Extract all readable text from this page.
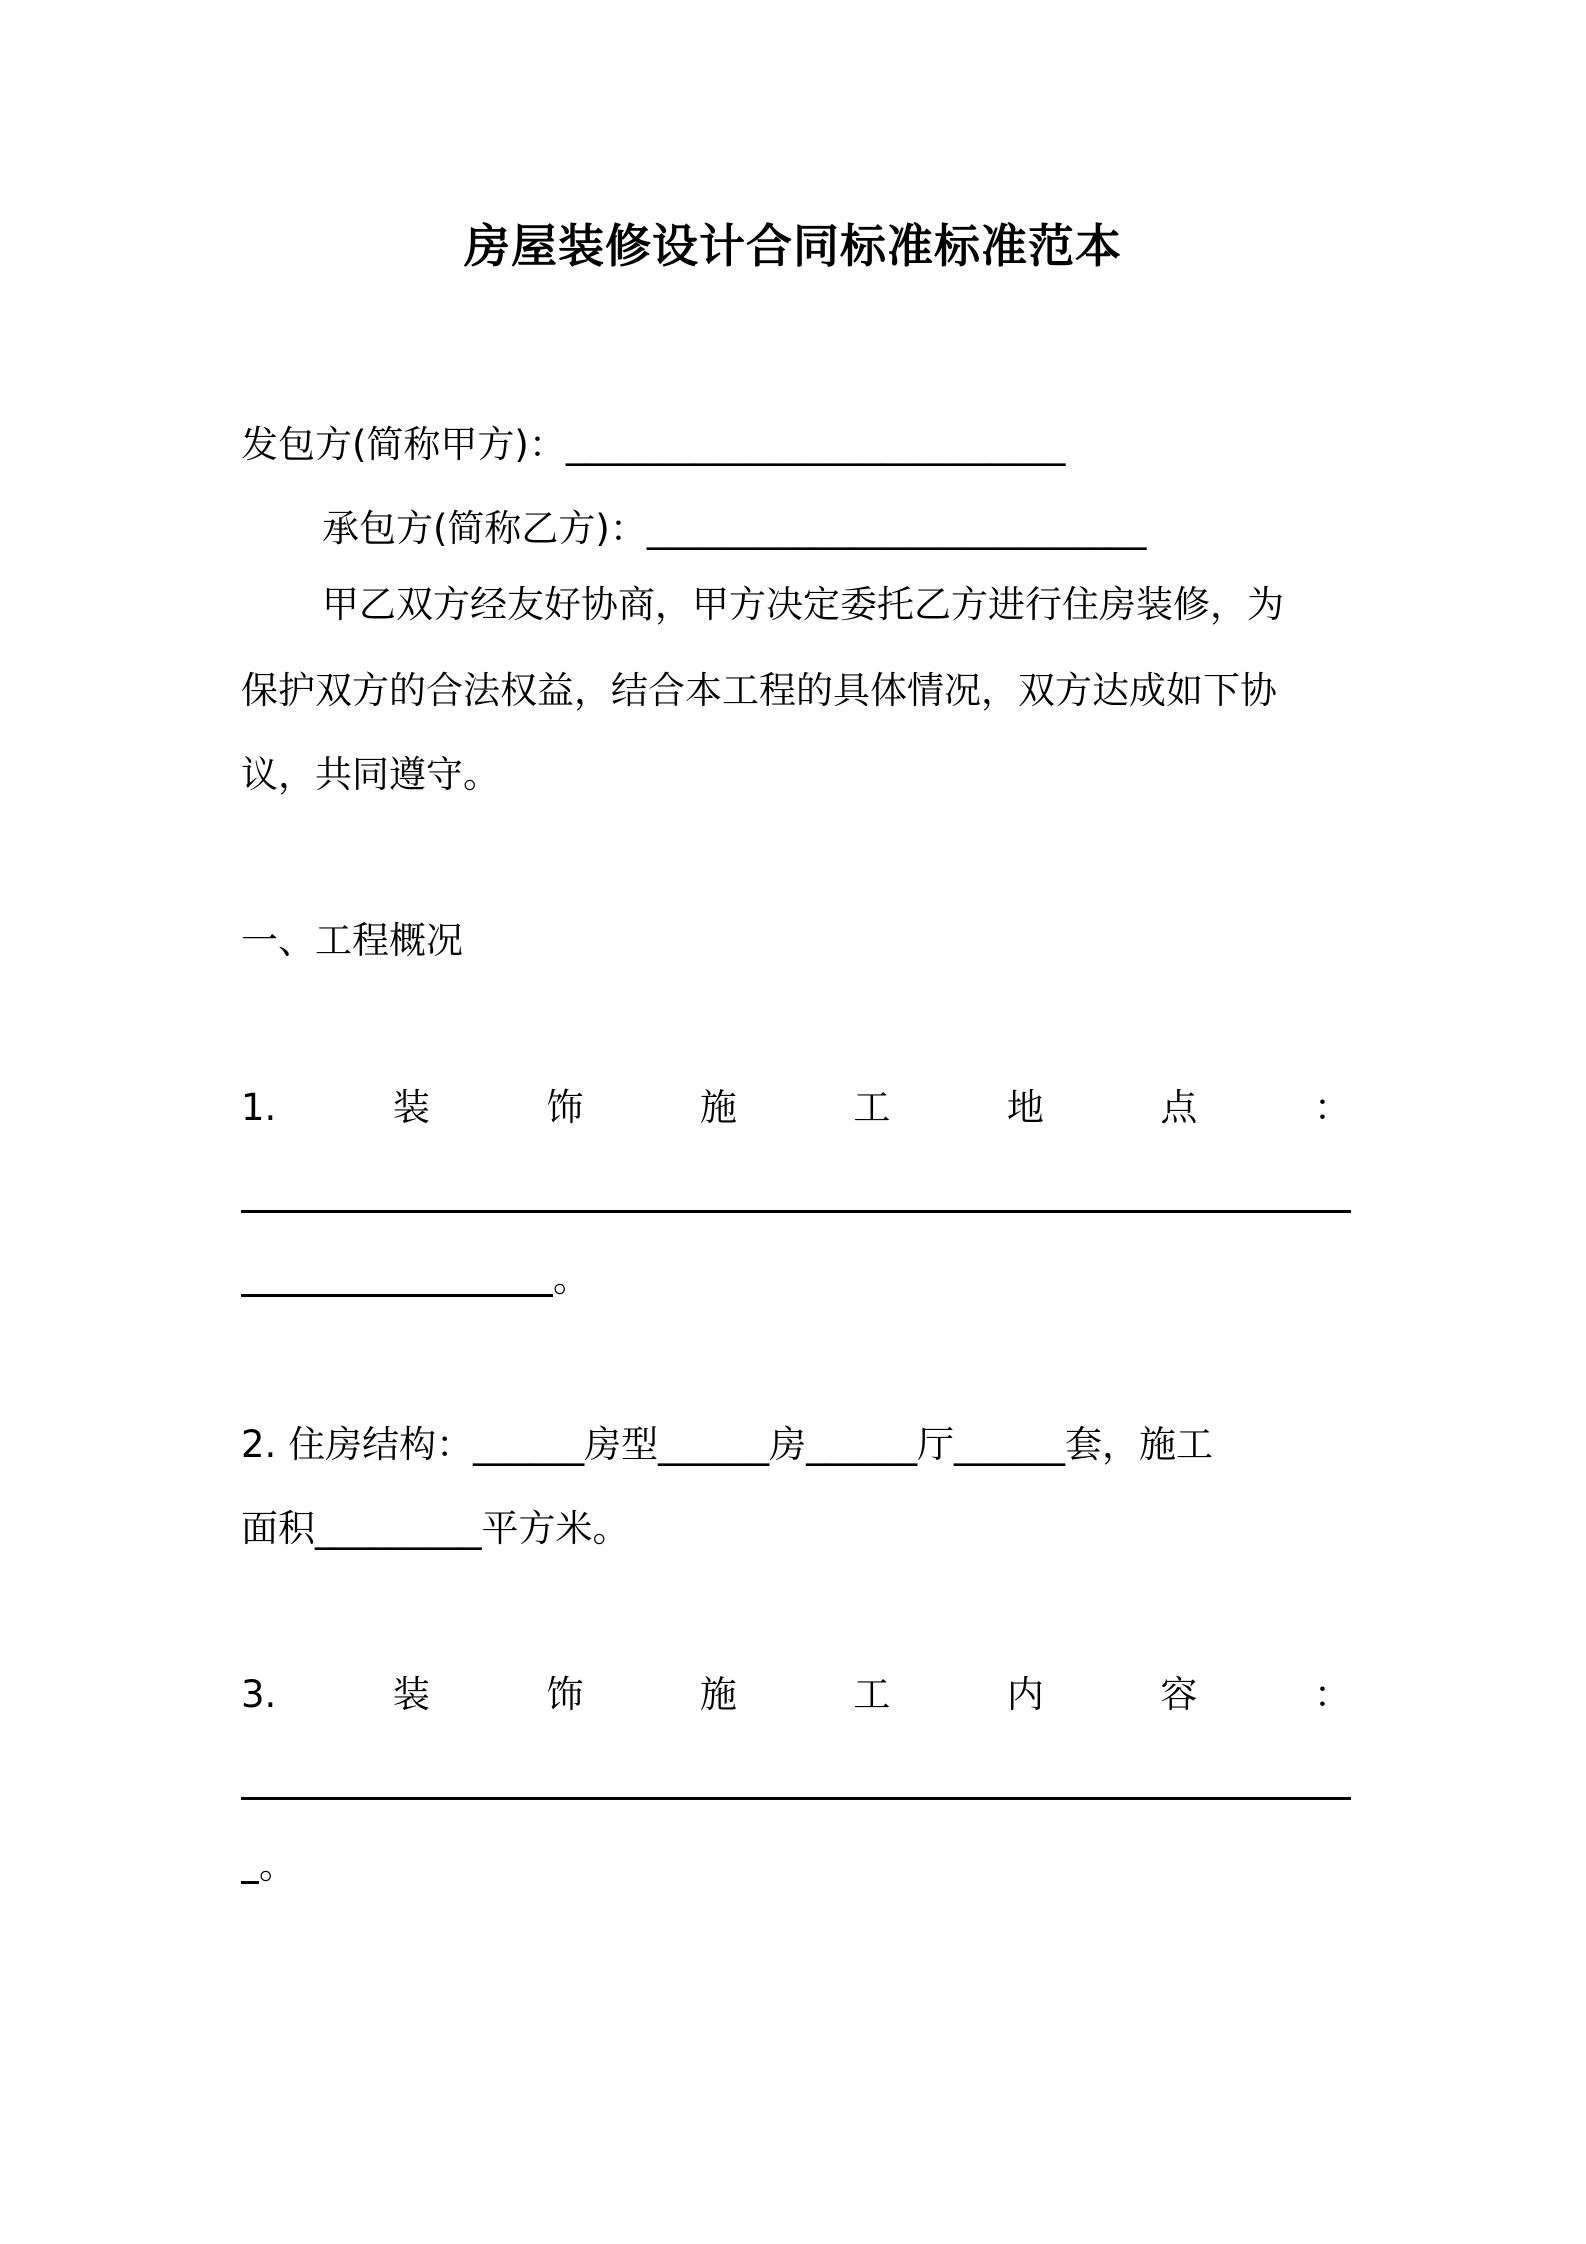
房屋装修设计合同标准标准范本
发包方(简称甲方)：___________________________
承包方(简称乙方)：___________________________
甲乙双方经友好协商，甲方决定委托乙方进行住房装修，为
保护双方的合法权益，结合本工程的具体情况，双方达成如下协
议，共同遵守。
一、工程概况
1.	装	饰	施	工	地	点	：
。
2. 住房结构：______房型______房______厅______套，施工
面积_________平方米。
3.	装	饰	施	工	内	容	：
。
